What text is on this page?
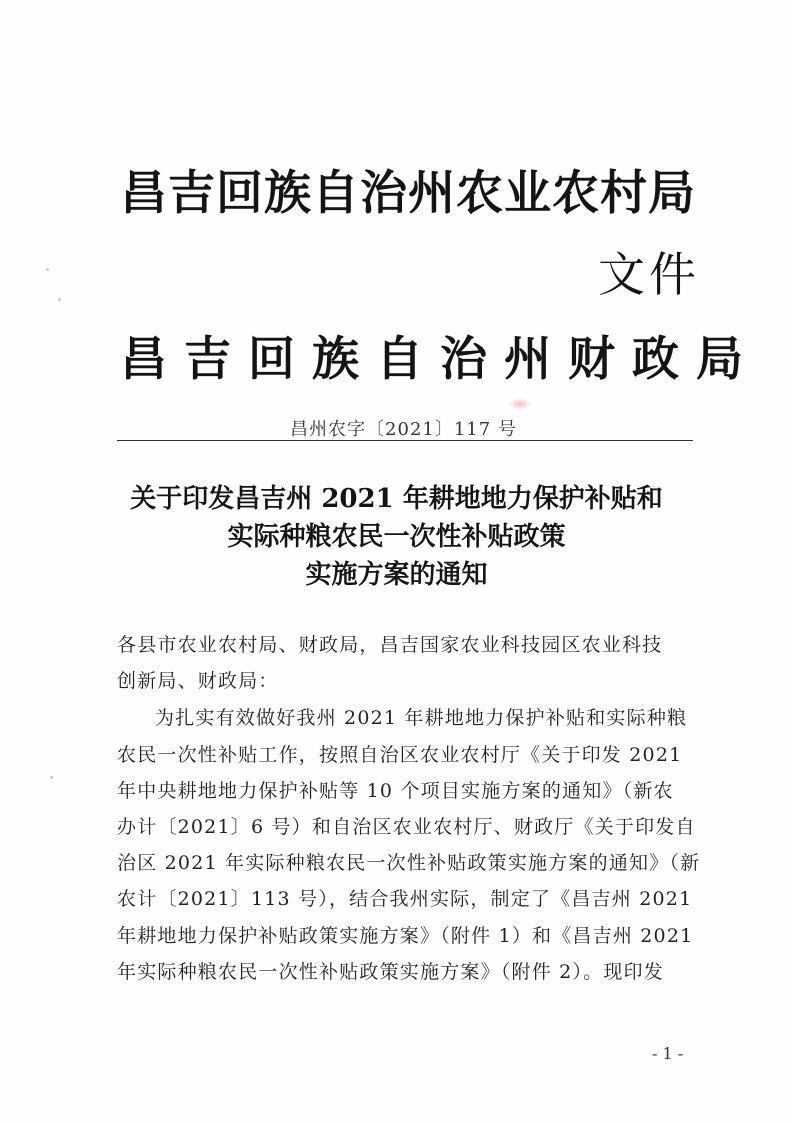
昌吉回族自治州农业农村局
文件
昌吉回族自治州财政局
昌州农字〔2021〕117 号
关于印发昌吉州 2021 年耕地地力保护补贴和
实际种粮农民一次性补贴政策
实施方案的通知
各县市农业农村局、财政局，昌吉国家农业科技园区农业科技
创新局、财政局：
为扎实有效做好我州 2021 年耕地地力保护补贴和实际种粮
农民一次性补贴工作，按照自治区农业农村厅《关于印发 2021
年中央耕地地力保护补贴等 10 个项目实施方案的通知》（新农
办计〔2021〕6 号）和自治区农业农村厅、财政厅《关于印发自
治区 2021 年实际种粮农民一次性补贴政策实施方案的通知》（新
农计〔2021〕113 号），结合我州实际，制定了《昌吉州 2021
年耕地地力保护补贴政策实施方案》（附件 1）和《昌吉州 2021
年实际种粮农民一次性补贴政策实施方案》（附件 2）。现印发
- 1 -
